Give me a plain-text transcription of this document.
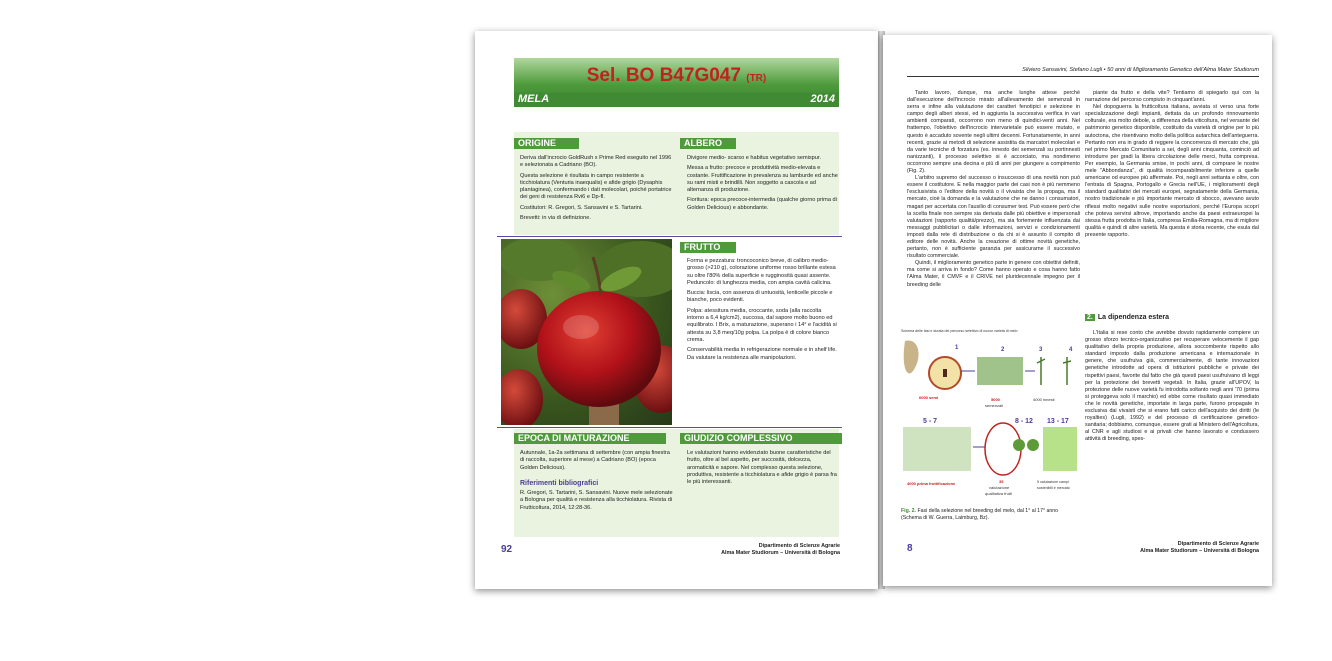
Sel. BO B47G047 (TR)
MELA	2014
ORIGINE

Deriva dall'incrocio GoldRush x Prime Red eseguito nel 1996 e selezionata a Cadriano (BO).

Questa selezione è risultata in campo resistente a ticchiolatura (Venturia inaequalis) e afide grigio (Dysaphis plantaginea), confermando i dati molecolari, poiché portatrice dei geni di resistenza Rvi6 e Dp-fl.

Costitutori: R. Gregori, S. Sansavini e S. Tartarini.

Brevetti: in via di definizione.

ALBERO

Divigore medio- scarso e habitus vegetativo semispur.

Messa a frutto: precoce e produttività medio-elevata e costante. Fruttificazione in prevalenza su lamburde ed anche su rami misti e brindilli. Non soggetto a cascola e ad alternanza di produzione.

Fioritura: epoca precoce-intermedia (qualche giorno prima di Golden Delicious) e abbondante.

FRUTTO

Forma e pezzatura: troncoconico breve, di calibro medio-grosso (>210 g), colorazione uniforme rosso brillante estesa su oltre l'80% della superficie e rugginosità quasi assente. Peduncolo: di lunghezza media, con ampia cavità calicina.

Buccia: liscia, con assenza di untuosità, lenticelle piccole e bianche, poco evidenti.

Polpa: atessitura media, croccante, soda (alla raccolta intorno a 6,4 kg/cm2), succosa, dal sapore molto buono ed equilibrato. I Brix, a maturazione, superano i 14° e l'acidità si attesta su 3,8 meq/10g polpa. La polpa è di colore bianco crema.

Conservabilità media in refrigerazione normale e in shelf life. Da valutare la resistenza alle manipolazioni.

EPOCA DI MATURAZIONE

Autunnale, 1a-2a settimana di settembre (con ampia finestra di raccolta, superiore al mese) a Cadriano (BO) (epoca Golden Delicious).

Riferimenti bibliografici

R. Gregori, S. Tartarini, S. Sansavini. Nuove mele selezionate a Bologna per qualità e resistenza alla ticchiolatura. Rivista di Frutticoltura, 2014, 12:28-36.

GIUDIZIO COMPLESSIVO

Le valutazioni hanno evidenziato buone caratteristiche del frutto, oltre al bel aspetto, per succosità, dolcezza, aromaticità e sapore. Nel complesso questa selezione, produttiva, resistente a ticchiolatura e afide grigio è parsa fra le più interessanti.

92	Dipartimento di Scienze Agrarie
Alma Mater Studiorum – Università di Bologna
Silviero Sansavini, Stefano Lugli • 50 anni di Miglioramento Genetico dell'Alma Mater Studiorum

Tanto lavoro, dunque, ma anche lunghe attese perché dall'esecuzione dell'incrocio mirato all'allevamento dei semenzali in serra e infine alla valutazione dei caratteri fenotipici e selezione in campo degli alberi stessi, ed in aggiunta la successiva verifica in vari ambienti comparati, occorrono non meno di quindici-venti anni. Nel frattempo, l'obiettivo dell'incrocio intervarietale può essere mutato, e questo è accaduto sovente negli ultimi decenni. Fortunatamente, in anni recenti, grazie ai metodi di selezione assistita da marcatori molecolari e da varie tecniche di forzatura (es. innesto dei semenzali su portinnesti nanizzanti), il processo selettivo si è accorciato, ma nondimeno occorrono sempre una decina e più di anni per giungere a compimento (Fig. 2).

L'arbitro supremo del successo o insuccesso di una novità non può essere il costitutore. E nella maggior parte dei casi non è più nemmeno l'esclusivista o l'editore della novità o il vivaista che la propaga, ma il mercato, cioè la domanda e la valutazione che ne danno i consumatori, magari per accertata con l'ausilio di consumer test. Può essere però che la scelta finale non sempre sia derivata dalle più obiettive e impersonali valutazioni (rapporto qualità/prezzo), ma sia fortemente influenzata dai messaggi pubblicitari o dalle informazioni, servizi e condizionamenti imposti dalla rete di distribuzione o da chi si è assunto il compito di editore delle novità. Anche la creazione di ottime novità genetiche, pertanto, non è sufficiente garanzia per assicurarne il successivo risultato commerciale.

Quindi, il miglioramento genetico parte in genere con obiettivi definiti, ma come si arriva in fondo? Come hanno operato e cosa hanno fatto l'Alma Mater, il CMVF e il CRIVE nel pluridecennale impegno per il breeding delle

Schema delle fasi e durata del percorso selettivo di nuove varietà di melo
1	2	3	4
6000 semi	5000
semenzali
4000 innesti
5 - 7	8 - 12 13 - 17
4000 prima fruttificazione	35
valutazione
qualitativa frutti
5 valutazione campi
sostenibili e mercato
Fig. 2. Fasi della selezione nel breeding del melo, dal 1° al 17° anno (Schema di W. Guerra, Laimburg, Bz).

piante da frutto e della vite? Tentiamo di spiegarlo qui con la narrazione del percorso compiuto in cinquant'anni.

Nel dopoguerra la frutticoltura italiana, avviata sì verso una forte specializzazione degli impianti, dettata da un profondo rinnovamento colturale, era molto debole, a differenza della viticoltura, nel versante del patrimonio genetico disponibile, costituito da varietà di origine per lo più autoctona, che risentivano molto della politica autarchica dell'anteguerra. Pertanto non era in grado di reggere la concorrenza di mercato che, già nel primo Mercato Comunitario a sei, degli anni cinquanta, cominciò ad introdurre per gradi la libera circolazione delle merci, frutta compresa. Per esempio, la Germania smise, in pochi anni, di comprare le nostre mele "Abbondanza", di qualità incomparabilmente inferiore a quelle americane od europee più affermate. Poi, negli anni settanta e oltre, con l'entrata di Spagna, Portogallo e Grecia nell'UE, i miglioramenti degli standard qualitativi dei mercati europei, segnatamente della Germania, nostro tradizionale e più importante mercato di sbocco, avevano avuto riflessi molto negativi sulle nostre esportazioni, perché l'Europa scoprì che poteva servirsi altrove, importando anche da paesi extraeuropei la stessa frutta prodotta in Italia, compresa Emilia-Romagna, ma di migliore qualità e quindi di altre varietà. Ma questa è storia recente, che esula dal presente rapporto.

2. La dipendenza estera

L'Italia si rese conto che avrebbe dovuto rapidamente compiere un grosso sforzo tecnico-organizzativo per recuperare velocemente il gap qualitativo della propria produzione, allora soccombente rispetto allo standard imposto dalla produzione americana e internazionale in genere, che usufruiva già, commercialmente, di tante innovazioni genetiche introdotte ad opera di istituzioni pubbliche e private dei rispettivi paesi, favorite dal fatto che già questi paesi usufruivano di leggi per la protezione dei brevetti vegetali. In Italia, grazie all'UPOV, la protezione delle nuove varietà fu introdotta soltanto negli anni '70 (prima si proteggeva solo il marchio) ed ebbe come risultato quasi immediato che le novità genetiche, importate in larga parte, furono propagate in esclusiva dai vivaisti che si erano fatti carico dell'acquisto dei diritti (le royalties) (Lugli, 1992) e del processo di certificazione genetico-sanitaria; dobbiamo, comunque, essere grati ai Ministero dell'Agricoltura, al CNR e agli studiosi e ai privati che hanno lavorato e condussero attività di breeding, spes-

8	Dipartimento di Scienze Agrarie
Alma Mater Studiorum – Università di Bologna
